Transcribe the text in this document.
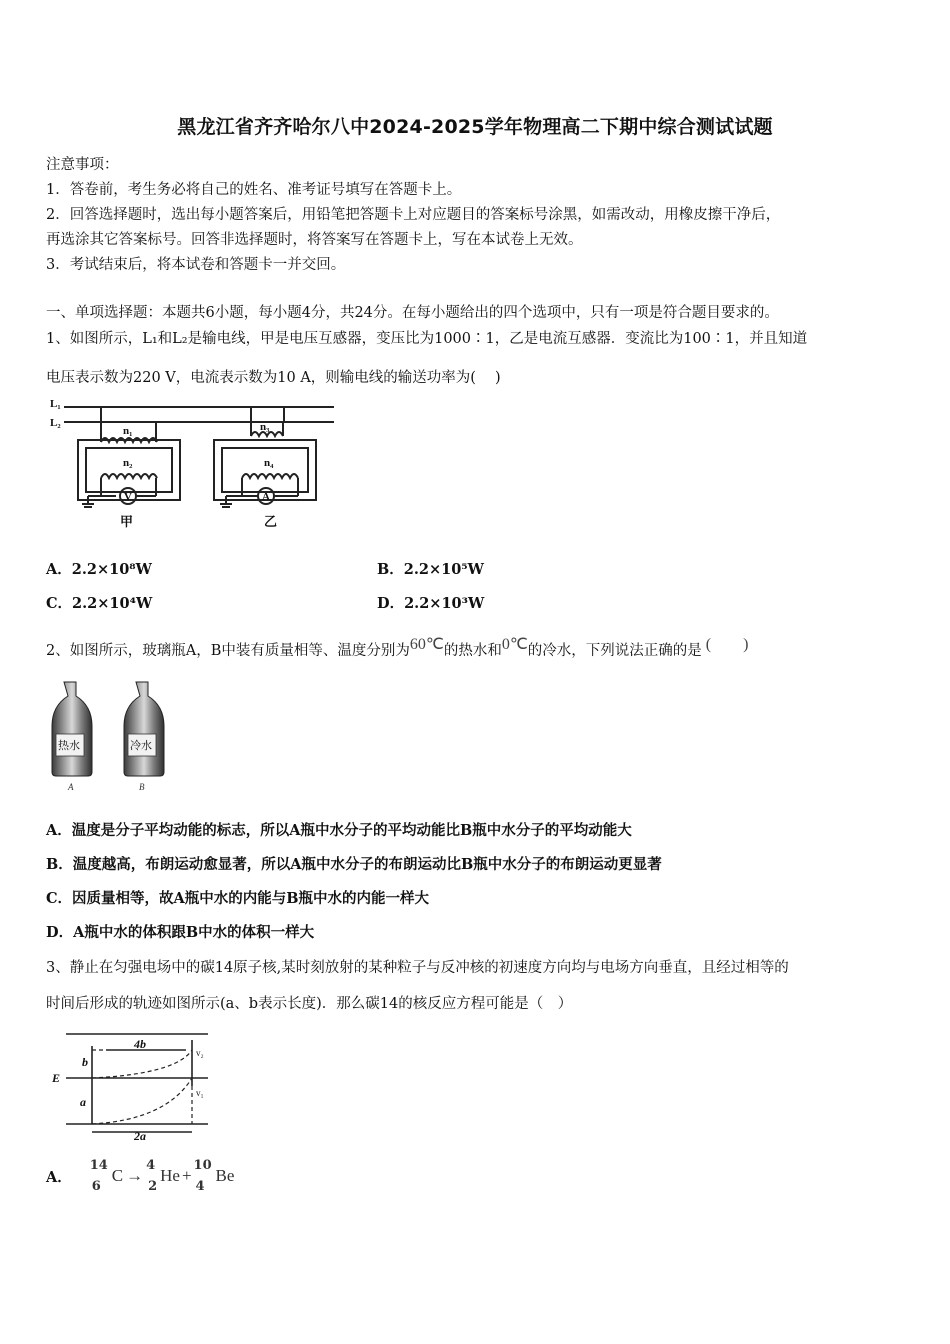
黑龙江省齐齐哈尔八中2024-2025学年物理高二下期中综合测试试题
注意事项：
1．答卷前，考生务必将自己的姓名、准考证号填写在答题卡上。
2．回答选择题时，选出每小题答案后，用铅笔把答题卡上对应题目的答案标号涂黑，如需改动，用橡皮擦干净后，
再选涂其它答案标号。回答非选择题时，将答案写在答题卡上，写在本试卷上无效。
3．考试结束后，将本试卷和答题卡一并交回。
一、单项选择题：本题共6小题，每小题4分，共24分。在每小题给出的四个选项中，只有一项是符合题目要求的。
1、如图所示，L₁和L₂是输电线，甲是电压互感器，变压比为1000∶1，乙是电流互感器．变流比为100∶1，并且知道
电压表示数为220 V，电流表示数为10 A，则输电线的输送功率为(　 )
L₁
L₂
n₁
n₂
n₃
n₄
V	A
甲	乙
A．2.2×10⁸W	B．2.2×10⁵W
C．2.2×10⁴W	D．2.2×10³W
2、如图所示，玻璃瓶A，B中装有质量相等、温度分别为$^{60℃}$的热水和$^{0℃}$的冷水，下列说法正确的是 (　　)
热水	冷水
A	B
A．温度是分子平均动能的标志，所以A瓶中水分子的平均动能比B瓶中水分子的平均动能大
B．温度越高，布朗运动愈显著，所以A瓶中水分子的布朗运动比B瓶中水分子的布朗运动更显著
C．因质量相等，故A瓶中水的内能与B瓶中水的内能一样大
D．A瓶中水的体积跟B中水的体积一样大
3、静止在匀强电场中的碳14原子核,某时刻放射的某种粒子与反冲核的初速度方向均与电场方向垂直，且经过相等的
时间后形成的轨迹如图所示(a、b表示长度)．那么碳14的核反应方程可能是（　）
4b
b
E
a
2a
v₂
v₁
A．
14
6
C →
4
2
He +
10
4
Be
